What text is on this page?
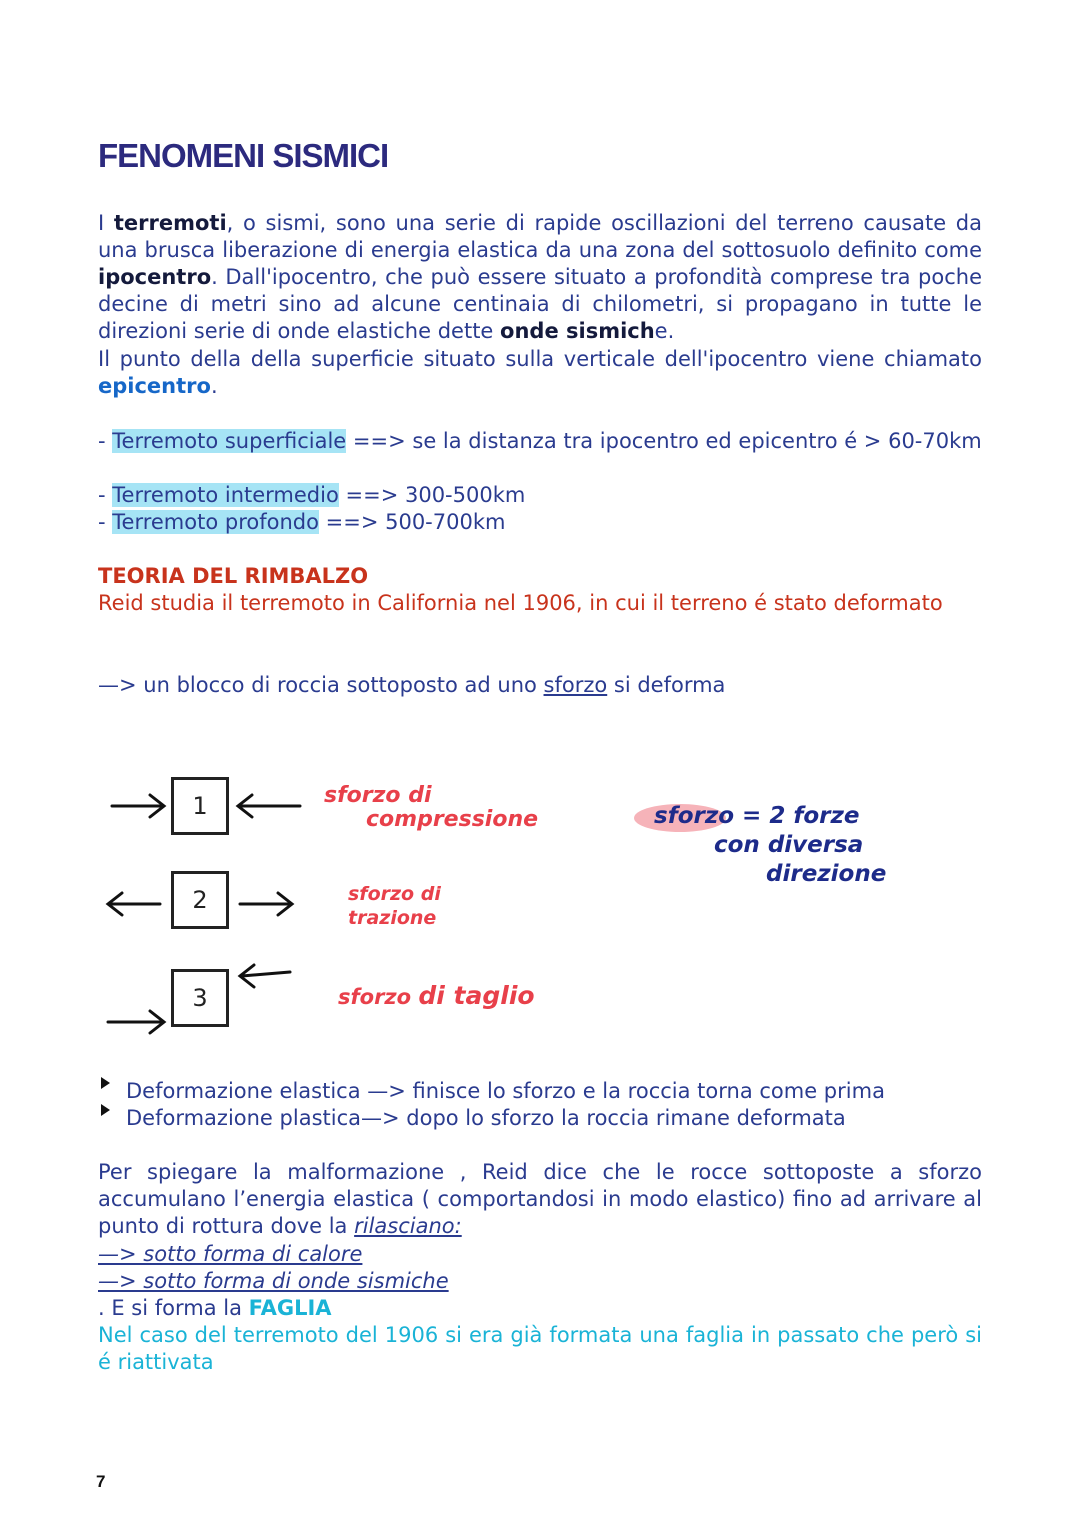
FENOMENI SISMICI

I terremoti, o sismi, sono una serie di rapide oscillazioni del terreno causate da una brusca liberazione di energia elastica da una zona del sottosuolo definito come ipocentro. Dall'ipocentro, che può essere situato a profondità comprese tra poche decine di metri sino ad alcune centinaia di chilometri, si propagano in tutte le direzioni serie di onde elastiche dette onde sismiche.

Il punto della della superficie situato sulla verticale dell'ipocentro viene chiamato epicentro.

- Terremoto superficiale ==> se la distanza tra ipocentro ed epicentro é > 60-70km

- Terremoto intermedio ==> 300-500km

- Terremoto profondo ==> 500-700km

TEORIA DEL RIMBALZO

Reid studia il terremoto in California nel 1906, in cui il terreno é stato deformato

—> un blocco di roccia sottoposto ad uno sforzo si deforma

1
2
3
sforzo di
compressione
sforzo di
trazione
sforzo di taglio
sforzo = 2 forze
con diversa
direzione

Deformazione elastica —> finisce lo sforzo e la roccia torna come prima

Deformazione plastica—> dopo lo sforzo la roccia rimane deformata

Per spiegare la malformazione , Reid dice che le rocce sottoposte a sforzo accumulano l’energia elastica ( comportandosi in modo elastico) fino ad arrivare al punto di rottura dove la rilasciano:

—> sotto forma di calore

—> sotto forma di onde sismiche

. E si forma la FAGLIA

Nel caso del terremoto del 1906 si era già formata una faglia in passato che però si é riattivata

7
